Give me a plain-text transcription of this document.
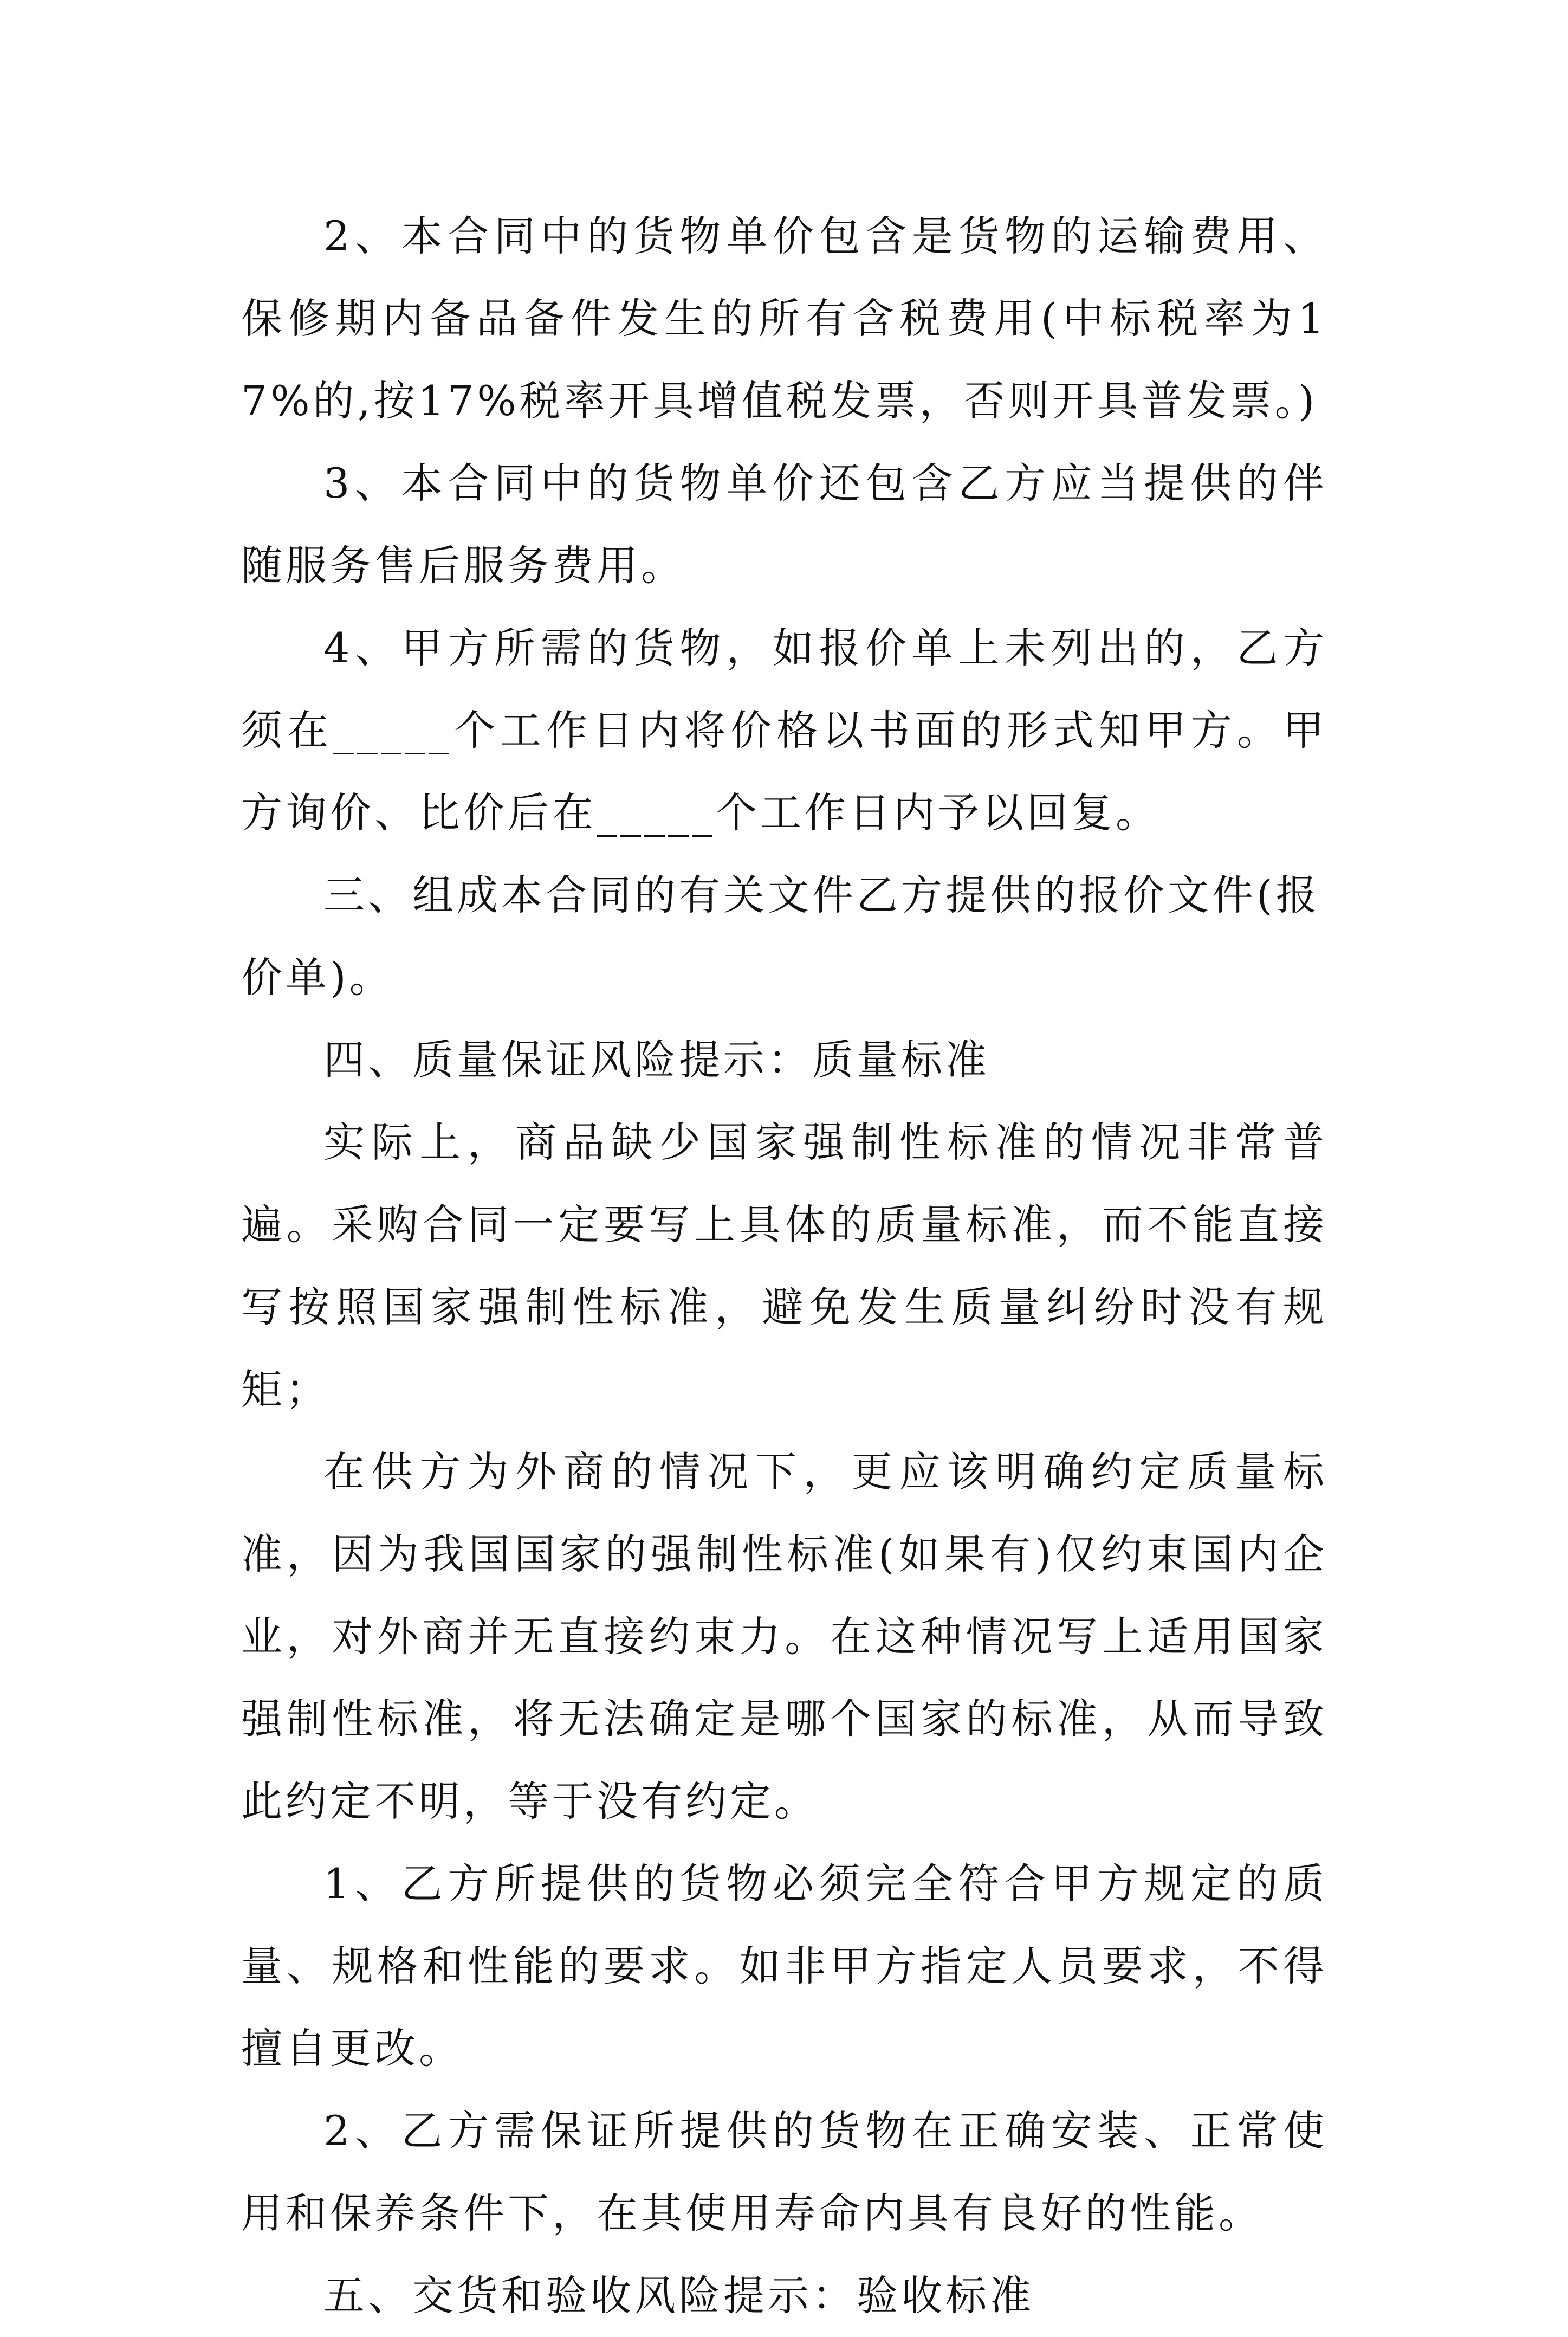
2、本合同中的货物单价包含是货物的运输费用、保修期内备品备件发生的所有含税费用(中标税率为17%的,按17%税率开具增值税发票，否则开具普发票。)

3、本合同中的货物单价还包含乙方应当提供的伴随服务售后服务费用。

4、甲方所需的货物，如报价单上未列出的，乙方须在_____个工作日内将价格以书面的形式知甲方。甲方询价、比价后在_____个工作日内予以回复。

三、组成本合同的有关文件乙方提供的报价文件(报价单)。

四、质量保证风险提示：质量标准

实际上，商品缺少国家强制性标准的情况非常普遍。采购合同一定要写上具体的质量标准，而不能直接写按照国家强制性标准，避免发生质量纠纷时没有规矩；

在供方为外商的情况下，更应该明确约定质量标准，因为我国国家的强制性标准(如果有)仅约束国内企业，对外商并无直接约束力。在这种情况写上适用国家强制性标准，将无法确定是哪个国家的标准，从而导致此约定不明，等于没有约定。

1、乙方所提供的货物必须完全符合甲方规定的质量、规格和性能的要求。如非甲方指定人员要求，不得擅自更改。

2、乙方需保证所提供的货物在正确安装、正常使用和保养条件下，在其使用寿命内具有良好的性能。

五、交货和验收风险提示：验收标准
